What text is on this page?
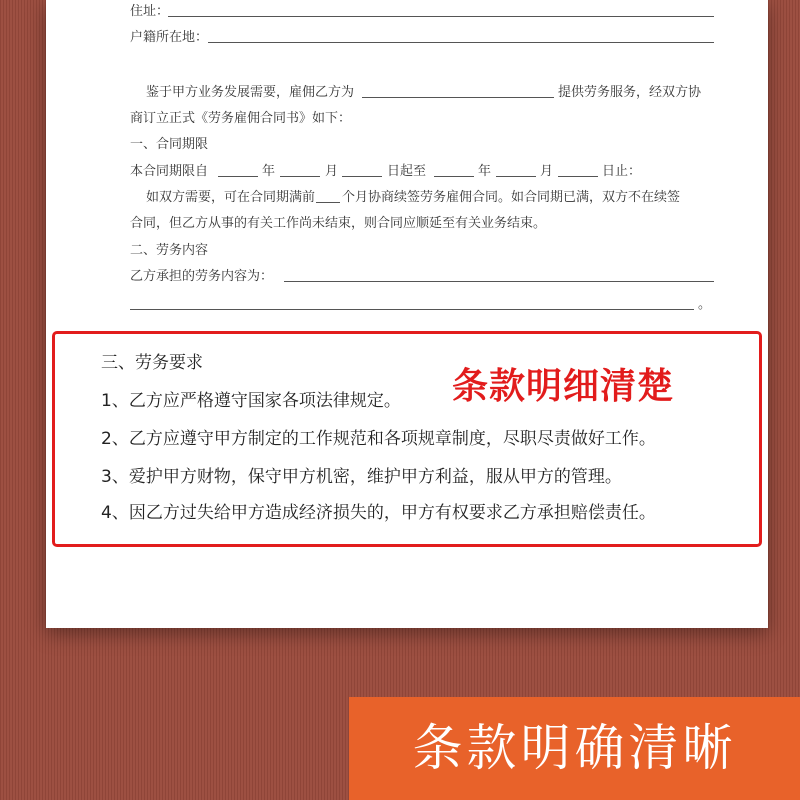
住址：
户籍所在地：
鉴于甲方业务发展需要，雇佣乙方为	提供劳务服务，经双方协
商订立正式《劳务雇佣合同书》如下：
一、合同期限
本合同期限自	年	月	日起至	年	月	日止：
如双方需要，可在合同期满前 个月协商续签劳务雇佣合同。如合同期已满，双方不在续签
合同，但乙方从事的有关工作尚未结束，则合同应顺延至有关业务结束。
二、劳务内容
乙方承担的劳务内容为：
。
三、劳务要求
1、乙方应严格遵守国家各项法律规定。
2、乙方应遵守甲方制定的工作规范和各项规章制度，尽职尽责做好工作。
3、爱护甲方财物，保守甲方机密，维护甲方利益，服从甲方的管理。
4、因乙方过失给甲方造成经济损失的，甲方有权要求乙方承担赔偿责任。
条款明细清楚
条款明确清晰
